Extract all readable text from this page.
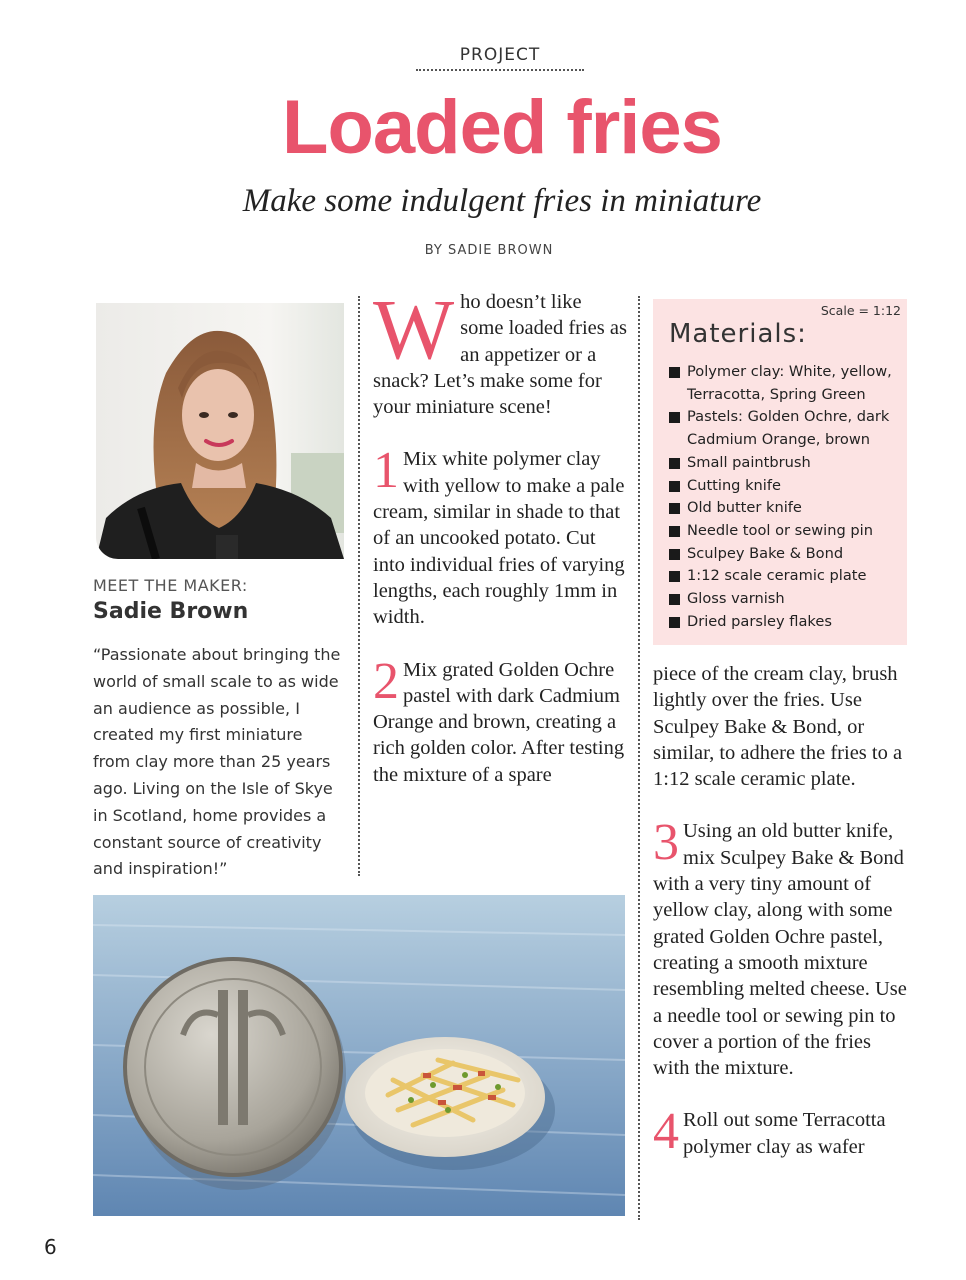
PROJECT
Loaded fries
Make some indulgent fries in miniature
BY SADIE BROWN
MEET THE MAKER:
Sadie Brown

“Passionate about bringing the world of small scale to as wide an audience as possible, I created my first miniature from clay more than 25 years ago. Living on the Isle of Skye in Scotland, home provides a constant source of creativity and inspiration!”

W ho doesn’t like some loaded fries as an appetizer or a snack? Let’s make some for your miniature scene!
1 Mix white polymer clay with yellow to make a pale cream, similar in shade to that of an uncooked potato. Cut into individual fries of varying lengths, each roughly 1mm in width.
2 Mix grated Golden Ochre pastel with dark Cadmium Orange and brown, creating a rich golden color. After testing the mixture of a spare
Scale = 1:12
Materials:
Polymer clay: White, yellow, Terracotta, Spring Green
Pastels: Golden Ochre, dark Cadmium Orange, brown
Small paintbrush
Cutting knife
Old butter knife
Needle tool or sewing pin
Sculpey Bake & Bond
1:12 scale ceramic plate
Gloss varnish
Dried parsley flakes
piece of the cream clay, brush lightly over the fries. Use Sculpey Bake & Bond, or similar, to adhere the fries to a 1:12 scale ceramic plate.
3 Using an old butter knife, mix Sculpey Bake & Bond with a very tiny amount of yellow clay, along with some grated Golden Ochre pastel, creating a smooth mixture resembling melted cheese. Use a needle tool or sewing pin to cover a portion of the fries with the mixture.
4 Roll out some Terracotta polymer clay as wafer
6
